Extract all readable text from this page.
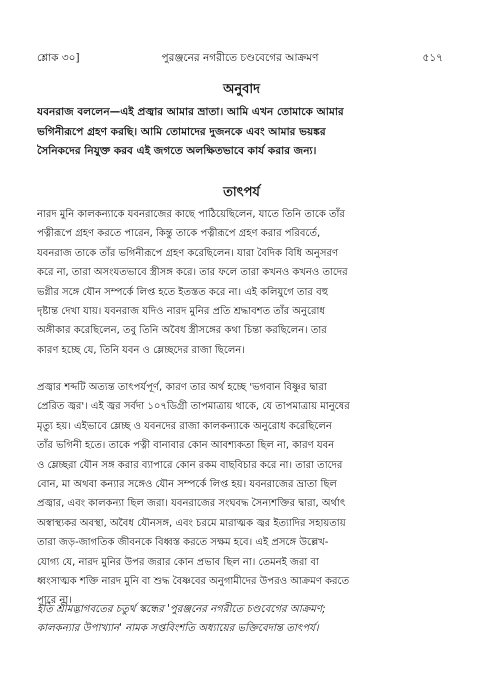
শ্লোক ৩০]	পুরঞ্জনের নগরীতে চণ্ডবেগের আক্রমণ	৫১৭
অনুবাদ

যবনরাজ বললেন—এই প্রজ্বার আমার ভ্রাতা। আমি এখন তোমাকে আমার
ভগিনীরূপে গ্রহণ করছি। আমি তোমাদের দুজনকে এবং আমার ভয়ঙ্কর
সৈনিকদের নিযুক্ত করব এই জগতে অলক্ষিতভাবে কার্য করার জন্য।

তাৎপর্য

নারদ মুনি কালকন্যাকে যবনরাজের কাছে পাঠিয়েছিলেন, যাতে তিনি তাকে তাঁর
পত্নীরূপে গ্রহণ করতে পারেন, কিন্তু তাকে পত্নীরূপে গ্রহণ করার পরিবর্তে,
যবনরাজ তাকে তাঁর ভগিনীরূপে গ্রহণ করেছিলেন। যারা বৈদিক বিধি অনুসরণ
করে না, তারা অসংযতভাবে স্ত্রীসঙ্গ করে। তার ফলে তারা কখনও কখনও তাদের
ভগ্নীর সঙ্গে যৌন সম্পর্কে লিপ্ত হতে ইতস্তত করে না। এই কলিযুগে তার বহু
দৃষ্টান্ত দেখা যায়। যবনরাজ যদিও নারদ মুনির প্রতি শ্রদ্ধাবশত তাঁর অনুরোধ
অঙ্গীকার করেছিলেন, তবু তিনি অবৈধ স্ত্রীসঙ্গের কথা চিন্তা করছিলেন। তার
কারণ হচ্ছে যে, তিনি যবন ও ম্লেচ্ছদের রাজা ছিলেন।

প্রজ্বার শব্দটি অত্যন্ত তাৎপর্যপূর্ণ, কারণ তার অর্থ হচ্ছে 'ভগবান বিষ্ণুর দ্বারা
প্রেরিত জ্বর'। এই জ্বর সর্বদা ১০৭ডিগ্রী তাপমাত্রায় থাকে, যে তাপমাত্রায় মানুষের
মৃত্যু হয়। এইভাবে ম্লেচ্ছ ও যবনদের রাজা কালকন্যাকে অনুরোধ করেছিলেন
তাঁর ভগিনী হতে। তাকে পত্নী বানাবার কোন আবশ্যকতা ছিল না, কারণ যবন
ও ম্লেচ্ছরা যৌন সঙ্গ করার ব্যাপারে কোন রকম বাছবিচার করে না। তারা তাদের
বোন, মা অথবা কন্যার সঙ্গেও যৌন সম্পর্কে লিপ্ত হয়। যবনরাজের ভ্রাতা ছিল
প্রজ্বার, এবং কালকন্যা ছিল জরা। যবনরাজের সংঘবদ্ধ সৈন্যশক্তির দ্বারা, অর্থাৎ
অস্বাস্থ্যকর অবস্থা, অবৈধ যৌনসঙ্গ, এবং চরমে মারাত্মক জ্বর ইত্যাদির সহায়তায়
তারা জড়-জাগতিক জীবনকে বিধ্বস্ত করতে সক্ষম হবে। এই প্রসঙ্গে উল্লেখ-
যোগ্য যে, নারদ মুনির উপর জরার কোন প্রভাব ছিল না। তেমনই জরা বা
ধ্বংসাত্মক শক্তি নারদ মুনি বা শুদ্ধ বৈষ্ণবের অনুগামীদের উপরও আক্রমণ করতে
পারে না।

ইতি শ্রীমদ্ভাগবতের চতুর্থ স্কন্ধের 'পুরঞ্জনের নগরীতে চণ্ডবেগের আক্রমণ;
কালকন্যার উপাখ্যান' নামক সপ্তবিংশতি অধ্যায়ের ভক্তিবেদান্ত তাৎপর্য।
